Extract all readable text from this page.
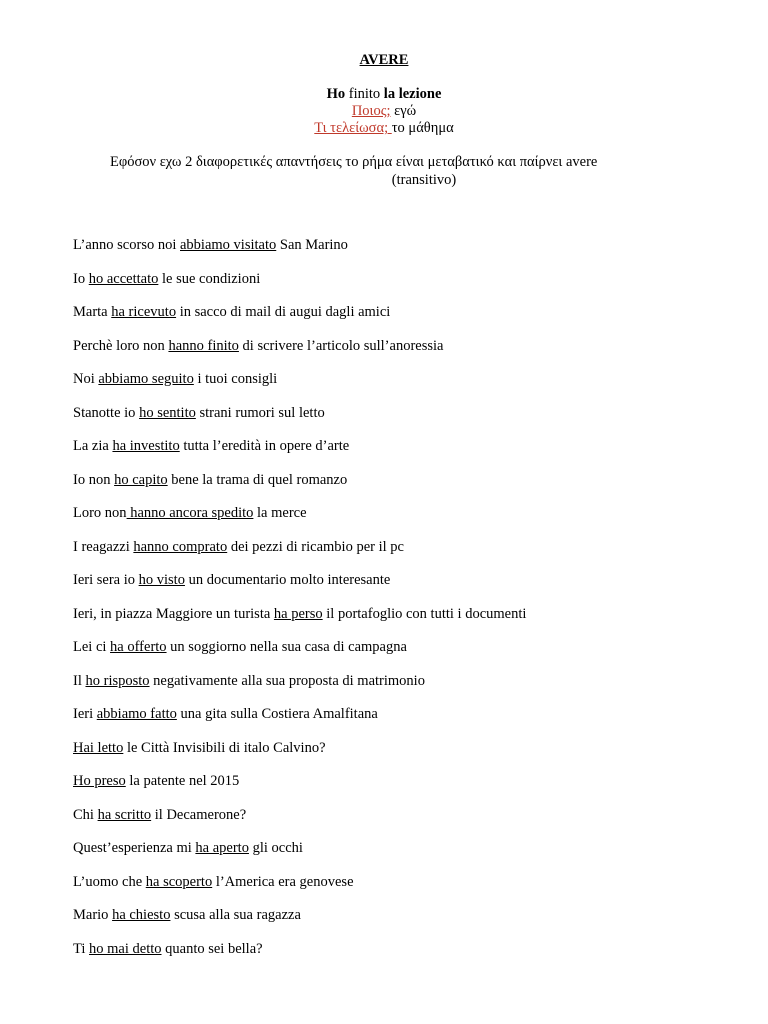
AVERE
Ho finito la lezione
Ποιος; εγώ
Τι τελείωσα; το μάθημα
Εφόσον εχω 2 διαφορετικές απαντήσεις το ρήμα είναι μεταβατικό και παίρνει avere
(transitivo)
L’anno scorso noi abbiamo visitato San Marino
Io ho accettato le sue condizioni
Marta ha ricevuto in sacco di mail di augui dagli amici
Perchè loro non hanno finito di scrivere l’articolo sull’anoressia
Noi abbiamo seguito i tuoi consigli
Stanotte io ho sentito strani rumori sul letto
La zia ha investito tutta l’eredità in opere d’arte
Io non ho capito bene la trama di quel romanzo
Loro non hanno ancora spedito la merce
I reagazzi hanno comprato dei pezzi di ricambio per il pc
Ieri sera io ho visto un documentario molto interesante
Ieri, in piazza Maggiore un turista ha perso il portafoglio con tutti i documenti
Lei ci ha offerto un soggiorno nella sua casa di campagna
Il ho risposto negativamente alla sua proposta di matrimonio
Ieri abbiamo fatto una gita sulla Costiera Amalfitana
Hai letto le Città Invisibili di italo Calvino?
Ho preso la patente nel 2015
Chi ha scritto il Decamerone?
Quest’esperienza mi ha aperto gli occhi
L’uomo che ha scoperto l’America era genovese
Mario ha chiesto scusa alla sua ragazza
Ti ho mai detto quanto sei bella?
